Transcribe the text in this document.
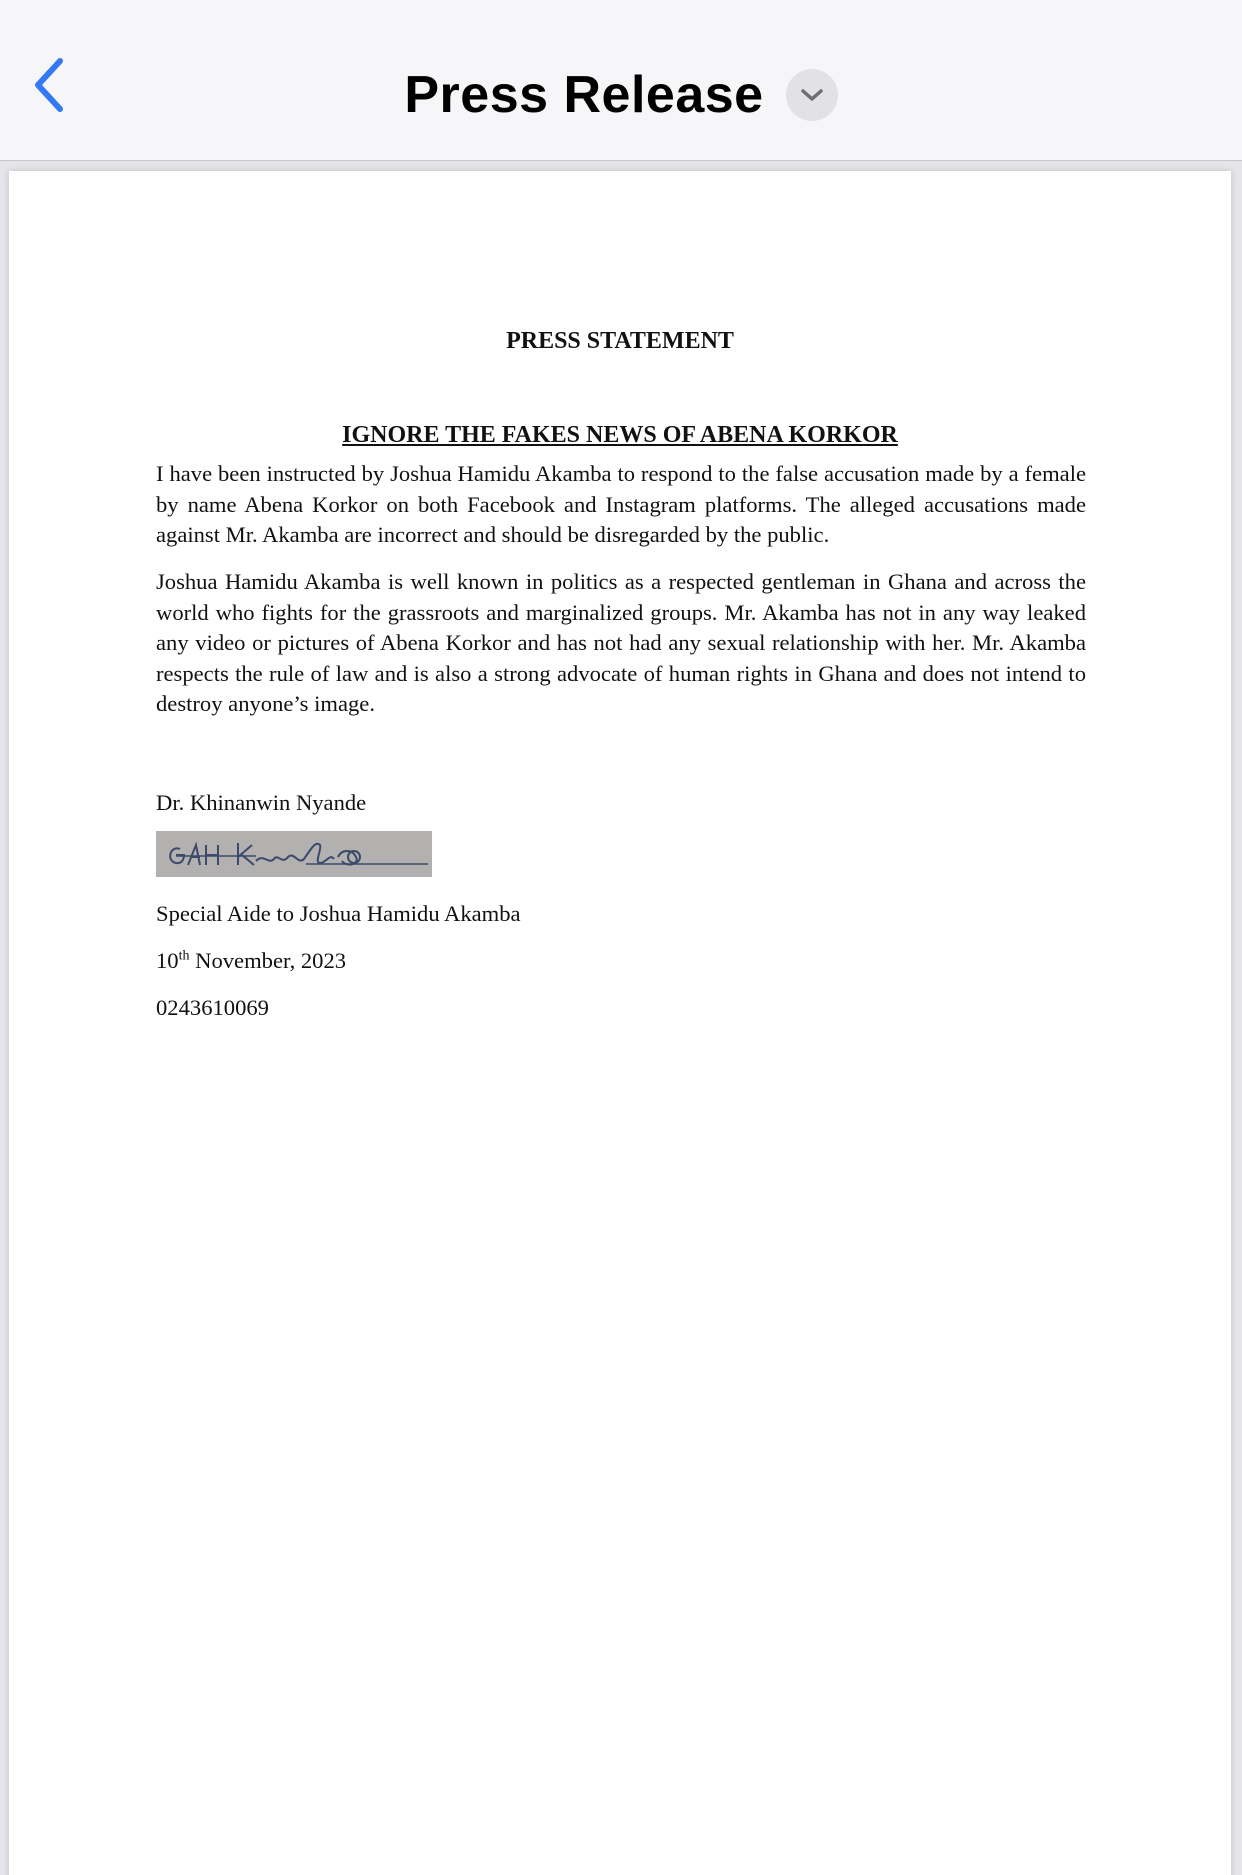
Press Release
PRESS STATEMENT
IGNORE THE FAKES NEWS OF ABENA KORKOR

I have been instructed by Joshua Hamidu Akamba to respond to the false accusation made by a female by name Abena Korkor on both Facebook and Instagram platforms. The alleged accusations made against Mr. Akamba are incorrect and should be disregarded by the public.

Joshua Hamidu Akamba is well known in politics as a respected gentleman in Ghana and across the world who fights for the grassroots and marginalized groups. Mr. Akamba has not in any way leaked any video or pictures of Abena Korkor and has not had any sexual relationship with her. Mr. Akamba respects the rule of law and is also a strong advocate of human rights in Ghana and does not intend to destroy anyone’s image.

Dr. Khinanwin Nyande

Special Aide to Joshua Hamidu Akamba

10th November, 2023

0243610069
